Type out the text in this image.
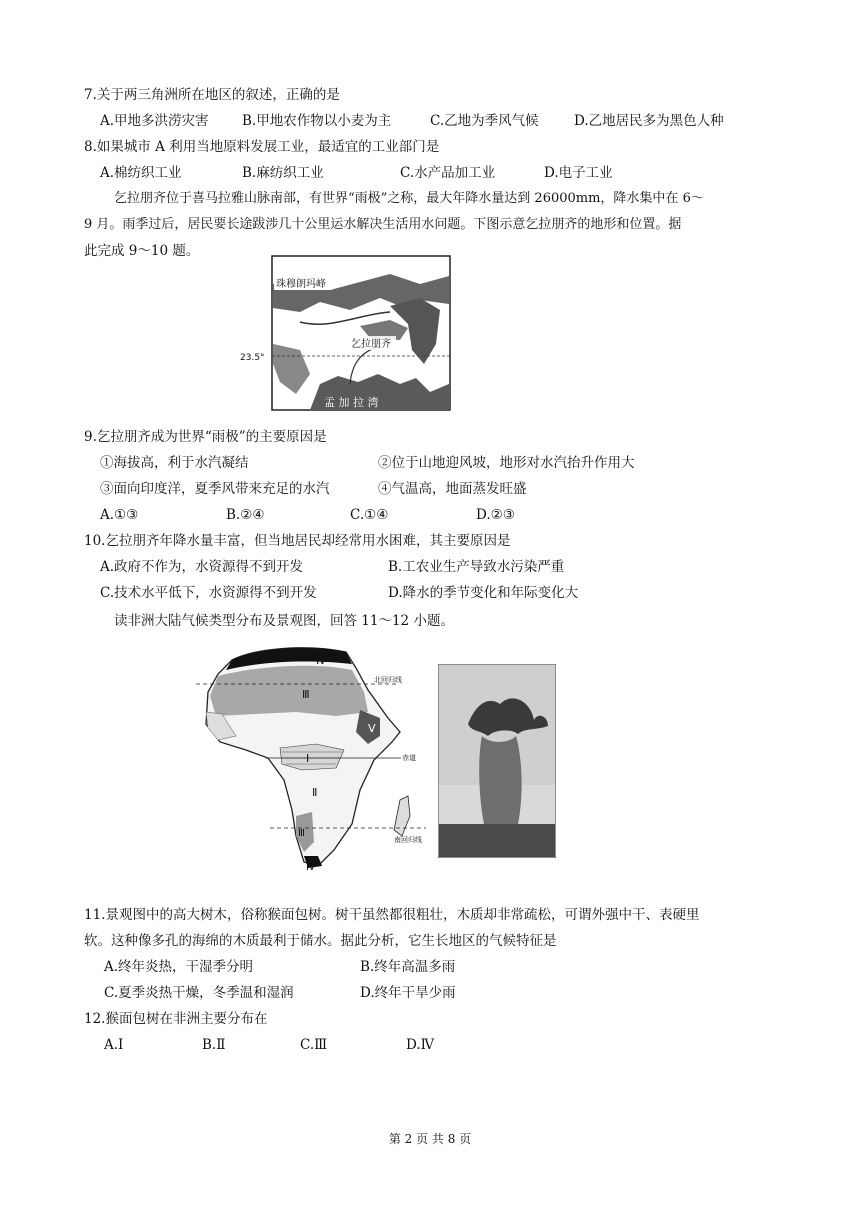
7.关于两三角洲所在地区的叙述，正确的是
A.甲地多洪涝灾害 B.甲地农作物以小麦为主	C.乙地为季风气候	D.乙地居民多为黑色人种
8.如果城市 A 利用当地原料发展工业，最适宜的工业部门是
A.棉纺织工业	B.麻纺织工业	C.水产品加工业	D.电子工业
乞拉朋齐位于喜马拉雅山脉南部，有世界“雨极”之称，最大年降水量达到 26000mm，降水集中在 6～
9 月。雨季过后，居民要长途跋涉几十公里运水解决生活用水问题。下图示意乞拉朋齐的地形和位置。据
此完成 9～10 题。
珠穆朗玛峰
乞拉朋齐
23.5°
孟 加 拉 湾
9.乞拉朋齐成为世界“雨极”的主要原因是
①海拔高，利于水汽凝结	②位于山地迎风坡，地形对水汽抬升作用大
③面向印度洋，夏季风带来充足的水汽	④气温高，地面蒸发旺盛
A.①③	B.②④	C.①④	D.②③
10.乞拉朋齐年降水量丰富，但当地居民却经常用水困难，其主要原因是
A.政府不作为，水资源得不到开发	B.工农业生产导致水污染严重
C.技术水平低下，水资源得不到开发	D.降水的季节变化和年际变化大
读非洲大陆气候类型分布及景观图，回答 11～12 小题。
北回归线
赤道
南回归线
Ⅳ
Ⅲ
Ⅴ
Ⅰ
Ⅱ
Ⅲ
Ⅳ
11.景观图中的高大树木，俗称猴面包树。树干虽然都很粗壮，木质却非常疏松，可谓外强中干、表硬里
软。这种像多孔的海绵的木质最利于储水。据此分析，它生长地区的气候特征是
A.终年炎热，干湿季分明	B.终年高温多雨
C.夏季炎热干燥，冬季温和湿润	D.终年干旱少雨
12.猴面包树在非洲主要分布在
A.Ⅰ	B.Ⅱ	C.Ⅲ	D.Ⅳ
第 2 页 共 8 页
